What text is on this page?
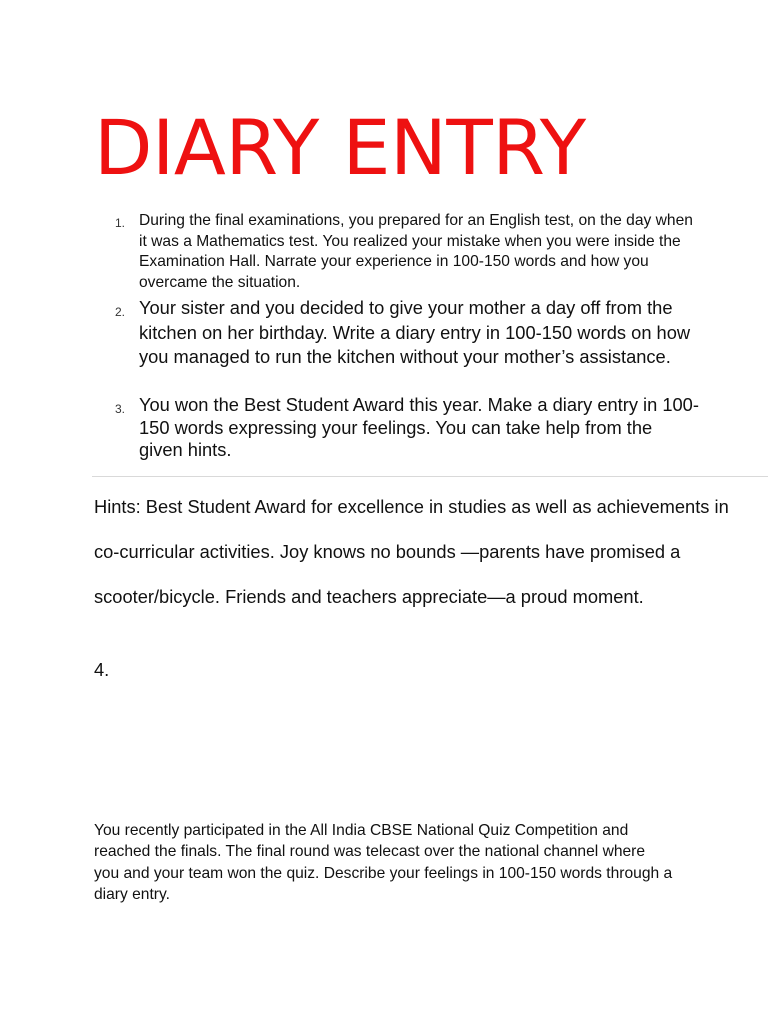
DIARY ENTRY
1. During the final examinations, you prepared for an English test, on the day when it was a Mathematics test. You realized your mistake when you were inside the Examination Hall. Narrate your experience in 100-150 words and how you overcame the situation.

2. Your sister and you decided to give your mother a day off from the kitchen on her birthday. Write a diary entry in 100-150 words on how you managed to run the kitchen without your mother’s assistance.

3. You won the Best Student Award this year. Make a diary entry in 100-150 words expressing your feelings. You can take help from the given hints.

Hints: Best Student Award for excellence in studies as well as achievements in
co-curricular activities. Joy knows no bounds —parents have promised a
scooter/bicycle. Friends and teachers appreciate—a proud moment.
4.

You recently participated in the All India CBSE National Quiz Competition and reached the finals. The final round was telecast over the national channel where you and your team won the quiz. Describe your feelings in 100-150 words through a diary entry.
